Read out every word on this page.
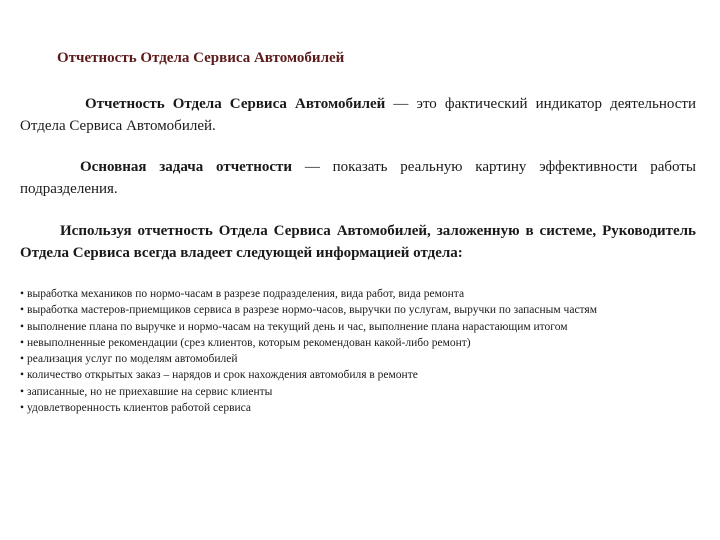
Отчетность Отдела Сервиса Автомобилей

Отчетность Отдела Сервиса Автомобилей — это фактический индикатор деятельности Отдела Сервиса Автомобилей.

Основная задача отчетности — показать реальную картину эффективности работы подразделения.

Используя отчетность Отдела Сервиса Автомобилей, заложенную в системе, Руководитель Отдела Сервиса всегда владеет следующей информацией отдела:

• выработка механиков по нормо-часам в разрезе подразделения, вида работ, вида ремонта
• выработка мастеров-приемщиков сервиса в разрезе нормо-часов, выручки по услугам, выручки по запасным частям
• выполнение плана по выручке и нормо-часам на текущий день и час, выполнение плана нарастающим итогом
• невыполненные рекомендации (срез клиентов, которым рекомендован какой-либо ремонт)
• реализация услуг по моделям автомобилей
• количество открытых заказ – нарядов и срок нахождения автомобиля в ремонте
• записанные, но не приехавшие на сервис клиенты
• удовлетворенность клиентов работой сервиса
